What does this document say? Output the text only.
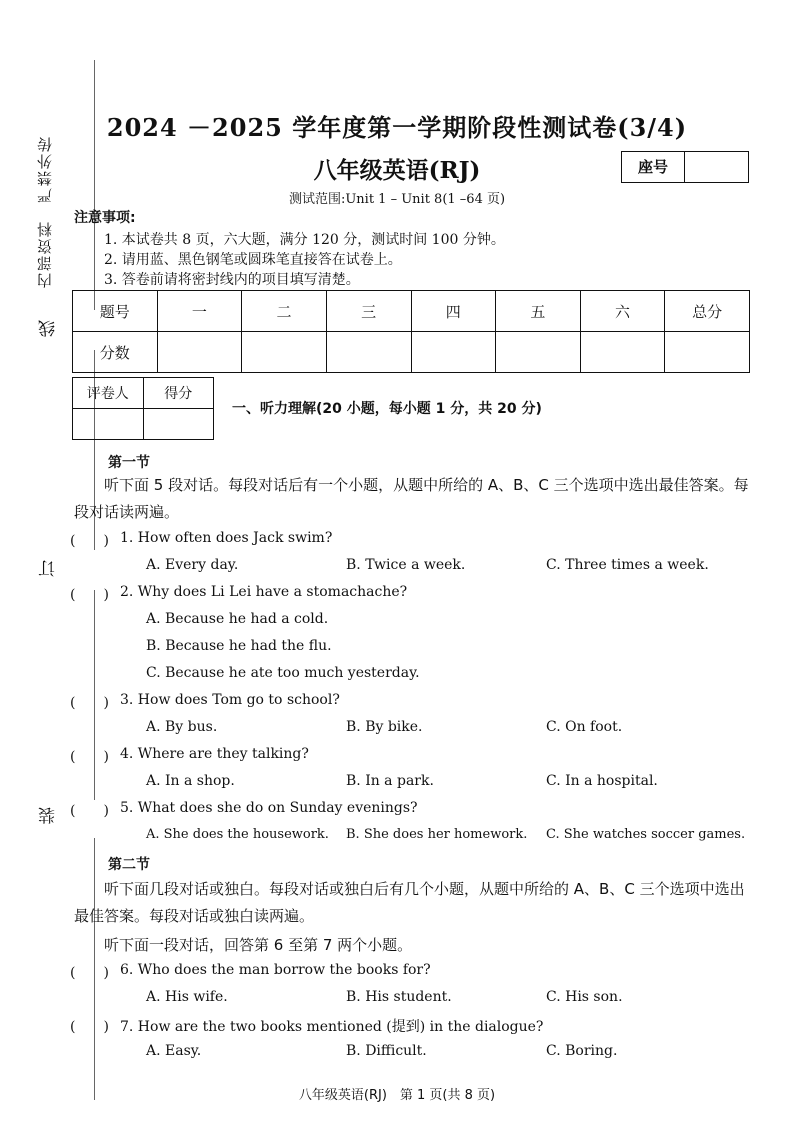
内部资料　严禁外传
线
订
装
2024 －2025 学年度第一学期阶段性测试卷(3/4)
八年级英语(RJ)	座号
测试范围:Unit 1 – Unit 8(1 –64 页)
注意事项:
1. 本试卷共 8 页，六大题，满分 120 分，测试时间 100 分钟。
2. 请用蓝、黑色钢笔或圆珠笔直接答在试卷上。
3. 答卷前请将密封线内的项目填写清楚。
题号	一	二	三	四	五	六	总分
分数							
评卷人	得分

一、听力理解(20 小题，每小题 1 分，共 20 分)
第一节
听下面 5 段对话。每段对话后有一个小题，从题中所给的 A、B、C 三个选项中选出最佳答案。每段对话读两遍。
(　　) 1. How often does Jack swim?
A. Every day.	B. Twice a week.	C. Three times a week.
(　　) 2. Why does Li Lei have a stomachache?
A. Because he had a cold.
B. Because he had the flu.
C. Because he ate too much yesterday.
(　　) 3. How does Tom go to school?
A. By bus.	B. By bike.	C. On foot.
(　　) 4. Where are they talking?
A. In a shop.	B. In a park.	C. In a hospital.
(　　) 5. What does she do on Sunday evenings?
A. She does the housework. B. She does her homework. C. She watches soccer games.
第二节
听下面几段对话或独白。每段对话或独白后有几个小题，从题中所给的 A、B、C 三个选项中选出最佳答案。每段对话或独白读两遍。
听下面一段对话，回答第 6 至第 7 两个小题。
(　　) 6. Who does the man borrow the books for?
A. His wife.	B. His student.	C. His son.
(　　) 7. How are the two books mentioned (提到) in the dialogue?
A. Easy.	B. Difficult.	C. Boring.
八年级英语(RJ)　第 1 页(共 8 页)
